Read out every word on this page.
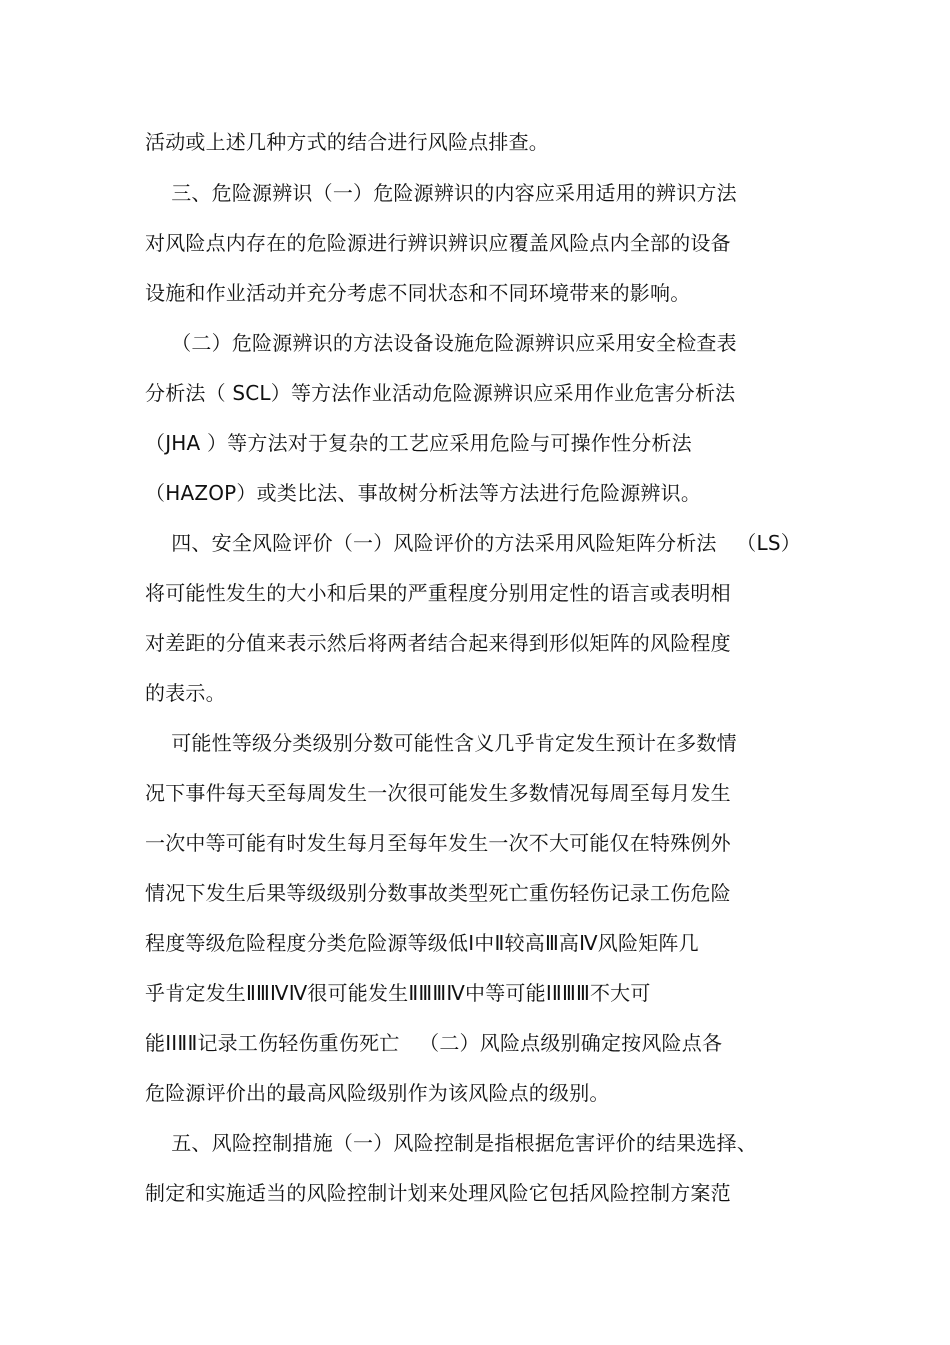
活动或上述几种方式的结合进行风险点排查。
三、危险源辨识（一）危险源辨识的内容应采用适用的辨识方法
对风险点内存在的危险源进行辨识辨识应覆盖风险点内全部的设备
设施和作业活动并充分考虑不同状态和不同环境带来的影响。
（二）危险源辨识的方法设备设施危险源辨识应采用安全检查表
分析法（ SCL）等方法作业活动危险源辨识应采用作业危害分析法
（JHA ）等方法对于复杂的工艺应采用危险与可操作性分析法
（HAZOP）或类比法、事故树分析法等方法进行危险源辨识。
四、安全风险评价（一）风险评价的方法采用风险矩阵分析法   （LS）
将可能性发生的大小和后果的严重程度分别用定性的语言或表明相
对差距的分值来表示然后将两者结合起来得到形似矩阵的风险程度
的表示。
可能性等级分类级别分数可能性含义几乎肯定发生预计在多数情
况下事件每天至每周发生一次很可能发生多数情况每周至每月发生
一次中等可能有时发生每月至每年发生一次不大可能仅在特殊例外
情况下发生后果等级级别分数事故类型死亡重伤轻伤记录工伤危险
程度等级危险程度分类危险源等级低Ⅰ中Ⅱ较高Ⅲ高Ⅳ风险矩阵几
乎肯定发生ⅡⅢⅣⅣ很可能发生ⅡⅢⅢⅣ中等可能ⅠⅡⅢⅢ不大可
能ⅠⅠⅡⅡ记录工伤轻伤重伤死亡   （二）风险点级别确定按风险点各
危险源评价出的最高风险级别作为该风险点的级别。
五、风险控制措施（一）风险控制是指根据危害评价的结果选择、
制定和实施适当的风险控制计划来处理风险它包括风险控制方案范
